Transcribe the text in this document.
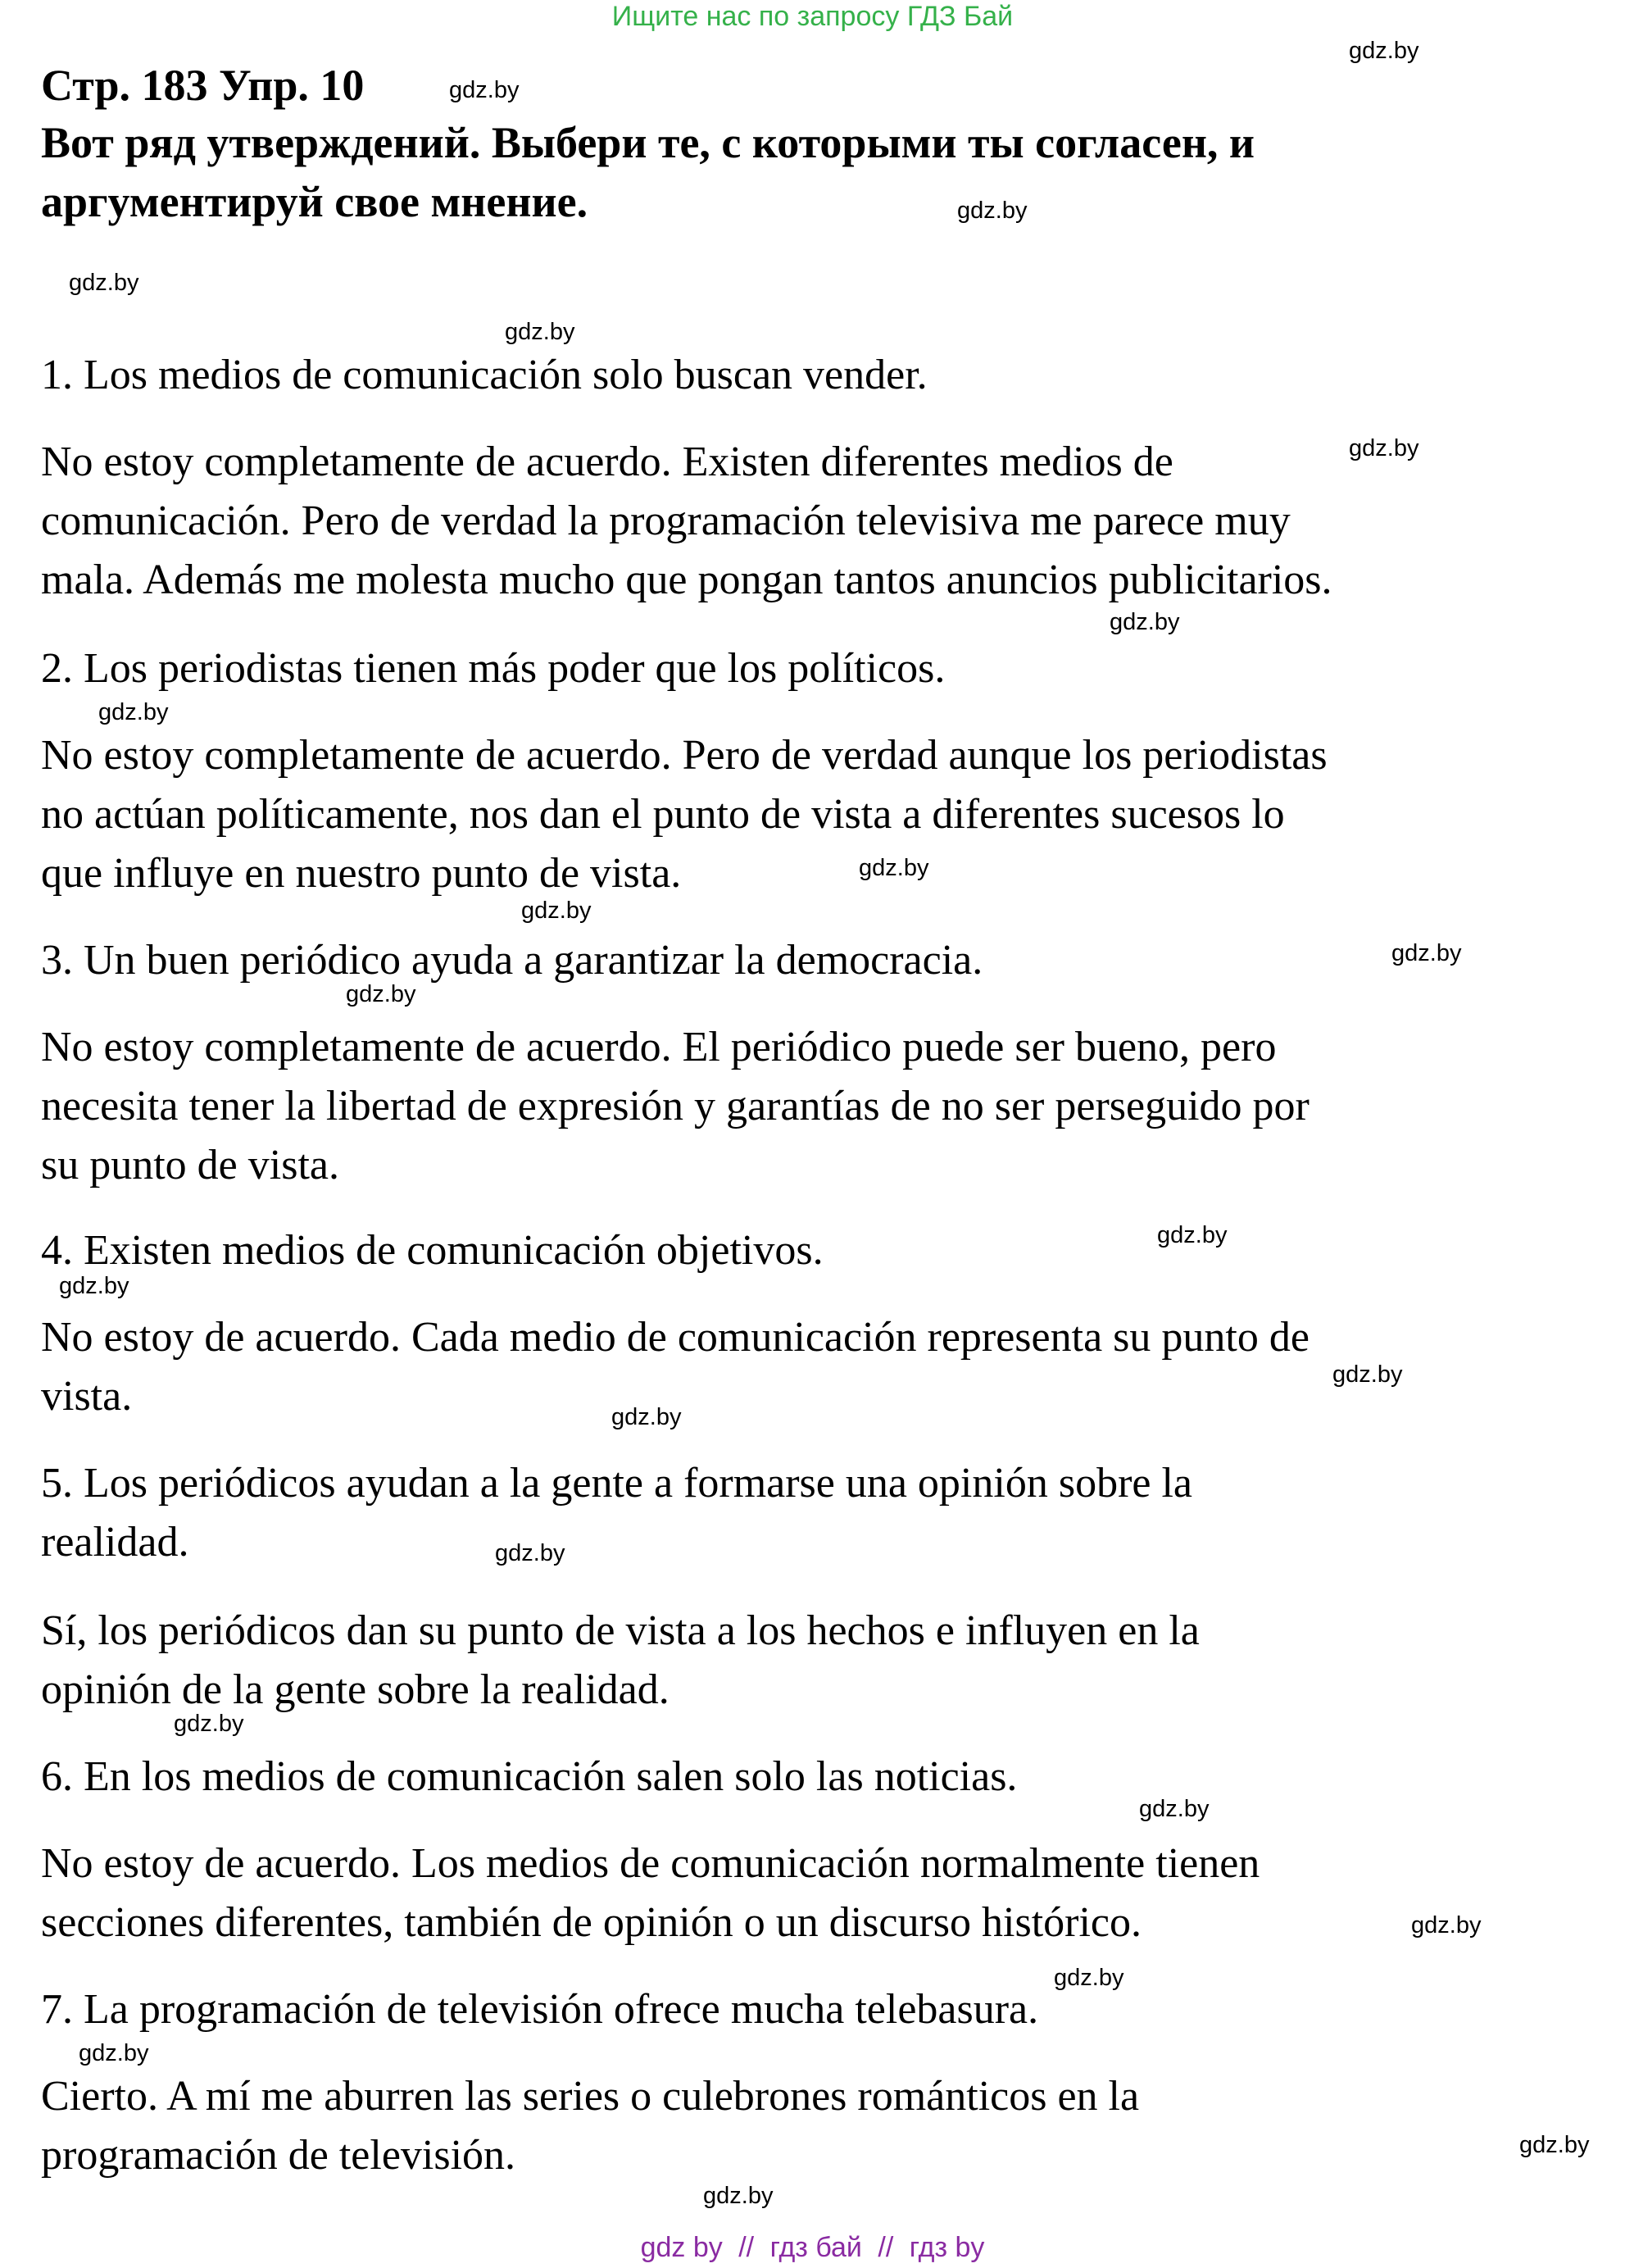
Ищите нас по запросу ГДЗ Бай
Стр. 183 Упр. 10
Вот ряд утверждений. Выбери те, с которыми ты согласен, и
аргументируй свое мнение.
1. Los medios de comunicación solo buscan vender.
No estoy completamente de acuerdo. Existen diferentes medios de
comunicación. Pero de verdad la programación televisiva me parece muy
mala. Además me molesta mucho que pongan tantos anuncios publicitarios.
2. Los periodistas tienen más poder que los políticos.
No estoy completamente de acuerdo. Pero de verdad aunque los periodistas
no actúan políticamente, nos dan el punto de vista a diferentes sucesos lo
que influye en nuestro punto de vista.
3. Un buen periódico ayuda a garantizar la democracia.
No estoy completamente de acuerdo. El periódico puede ser bueno, pero
necesita tener la libertad de expresión y garantías de no ser perseguido por
su punto de vista.
4. Existen medios de comunicación objetivos.
No estoy de acuerdo. Cada medio de comunicación representa su punto de
vista.
5. Los periódicos ayudan a la gente a formarse una opinión sobre la
realidad.
Sí, los periódicos dan su punto de vista a los hechos e influyen en la
opinión de la gente sobre la realidad.
6. En los medios de comunicación salen solo las noticias.
No estoy de acuerdo. Los medios de comunicación normalmente tienen
secciones diferentes, también de opinión o un discurso histórico.
7. La programación de televisión ofrece mucha telebasura.
Cierto. A mí me aburren las series o culebrones románticos en la
programación de televisión.
gdz.by
gdz.by
gdz.by
gdz.by
gdz.by
gdz.by
gdz.by
gdz.by
gdz.by
gdz.by
gdz.by
gdz.by
gdz.by
gdz.by
gdz.by
gdz.by
gdz.by
gdz.by
gdz.by
gdz.by
gdz.by
gdz.by
gdz.by
gdz.by
gdz by // гдз бай // гдз by
